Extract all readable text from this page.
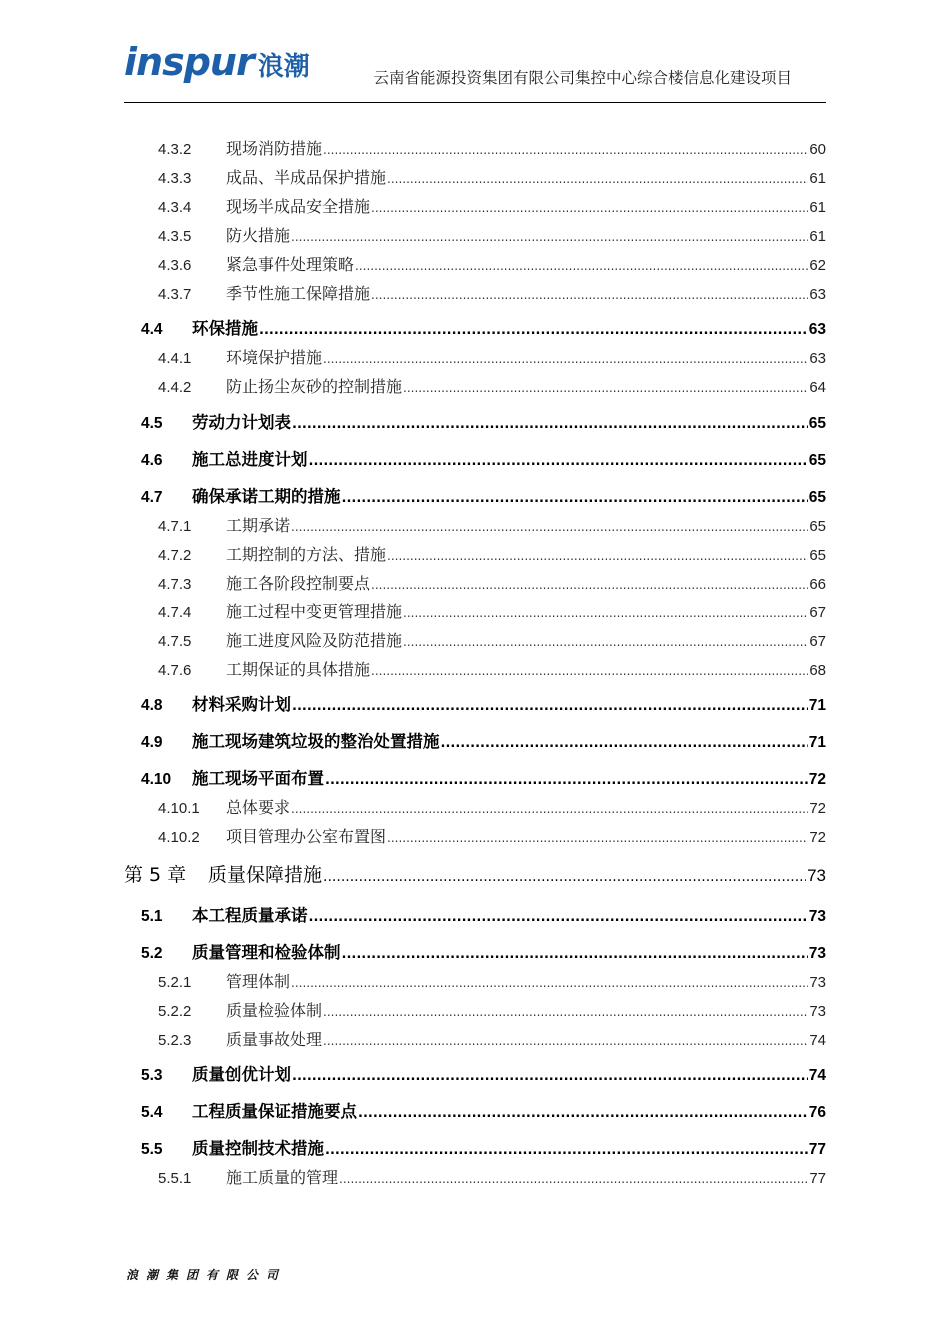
inspur 浪潮	云南省能源投资集团有限公司集控中心综合楼信息化建设项目
4.3.2	现场消防措施 .....	60
4.3.3	成品、半成品保护措施 .....	61
4.3.4	现场半成品安全措施 .....	61
4.3.5	防火措施 .....	61
4.3.6	紧急事件处理策略 .....	62
4.3.7	季节性施工保障措施 .....	63
4.4	环保措施 .....	63
4.4.1	环境保护措施 .....	63
4.4.2	防止扬尘灰砂的控制措施 .....	64
4.5	劳动力计划表 .....	65
4.6	施工总进度计划 .....	65
4.7	确保承诺工期的措施 .....	65
4.7.1	工期承诺 .....	65
4.7.2	工期控制的方法、措施 .....	65
4.7.3	施工各阶段控制要点 .....	66
4.7.4	施工过程中变更管理措施 .....	67
4.7.5	施工进度风险及防范措施 .....	67
4.7.6	工期保证的具体措施 .....	68
4.8	材料采购计划 .....	71
4.9	施工现场建筑垃圾的整治处置措施 .....	71
4.10	施工现场平面布置 .....	72
4.10.1	总体要求 .....	72
4.10.2	项目管理办公室布置图 .....	72
第 5 章	质量保障措施 .....	73
5.1	本工程质量承诺 .....	73
5.2	质量管理和检验体制 .....	73
5.2.1	管理体制 .....	73
5.2.2	质量检验体制 .....	73
5.2.3	质量事故处理 .....	74
5.3	质量创优计划 .....	74
5.4	工程质量保证措施要点 .....	76
5.5	质量控制技术措施 .....	77
5.5.1	施工质量的管理 .....	77
浪潮集团有限公司
